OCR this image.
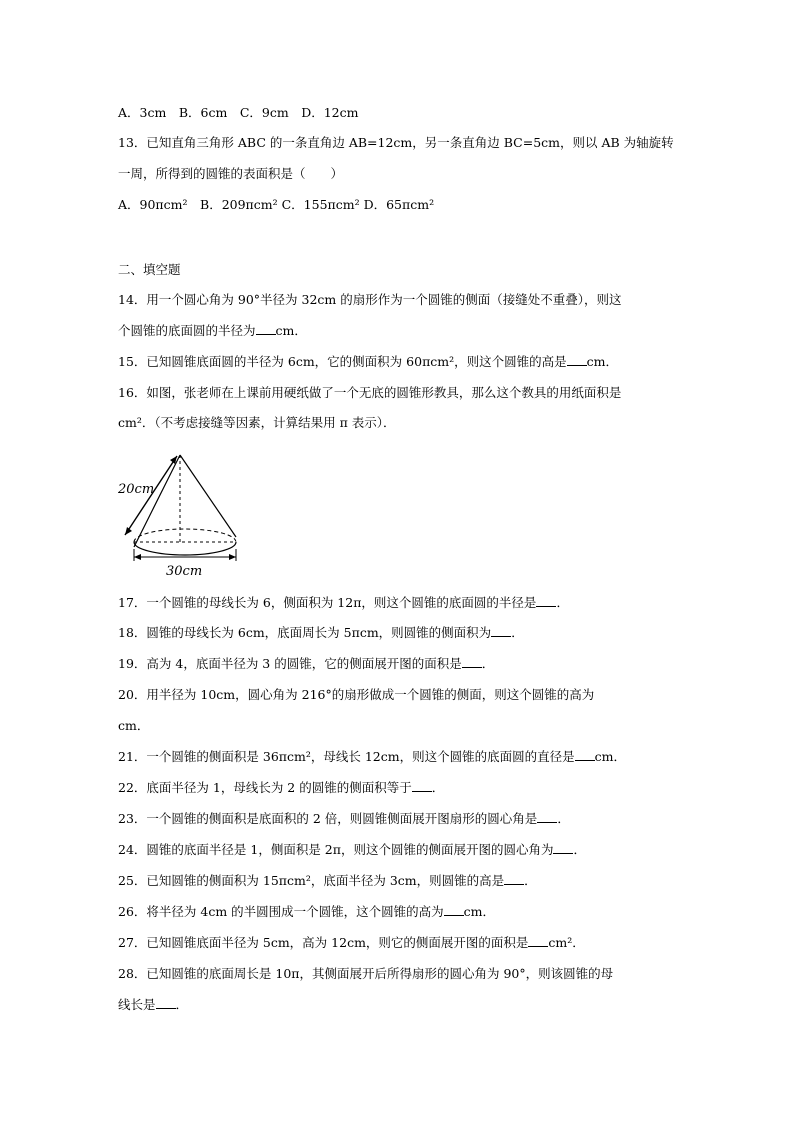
A．3cm　B．6cm　C．9cm　D．12cm
13．已知直角三角形 ABC 的一条直角边 AB=12cm，另一条直角边 BC=5cm，则以 AB 为轴旋转
一周，所得到的圆锥的表面积是（　　）
A．90πcm²　B．209πcm² C．155πcm² D．65πcm²
二、填空题
14．用一个圆心角为 90°半径为 32cm 的扇形作为一个圆锥的侧面（接缝处不重叠），则这
个圆锥的底面圆的半径为 cm．
15．已知圆锥底面圆的半径为 6cm，它的侧面积为 60πcm²，则这个圆锥的高是 cm．
16．如图，张老师在上课前用硬纸做了一个无底的圆锥形教具，那么这个教具的用纸面积是
cm²．（不考虑接缝等因素，计算结果用 π 表示）．
20cm
30cm
17．一个圆锥的母线长为 6，侧面积为 12π，则这个圆锥的底面圆的半径是 ．
18．圆锥的母线长为 6cm，底面周长为 5πcm，则圆锥的侧面积为 ．
19．高为 4，底面半径为 3 的圆锥，它的侧面展开图的面积是 ．
20．用半径为 10cm，圆心角为 216°的扇形做成一个圆锥的侧面，则这个圆锥的高为
cm．
21．一个圆锥的侧面积是 36πcm²，母线长 12cm，则这个圆锥的底面圆的直径是 cm．
22．底面半径为 1，母线长为 2 的圆锥的侧面积等于 ．
23．一个圆锥的侧面积是底面积的 2 倍，则圆锥侧面展开图扇形的圆心角是 ．
24．圆锥的底面半径是 1，侧面积是 2π，则这个圆锥的侧面展开图的圆心角为 ．
25．已知圆锥的侧面积为 15πcm²，底面半径为 3cm，则圆锥的高是 ．
26．将半径为 4cm 的半圆围成一个圆锥，这个圆锥的高为 cm．
27．已知圆锥底面半径为 5cm，高为 12cm，则它的侧面展开图的面积是 cm²．
28．已知圆锥的底面周长是 10π，其侧面展开后所得扇形的圆心角为 90°，则该圆锥的母
线长是 ．
